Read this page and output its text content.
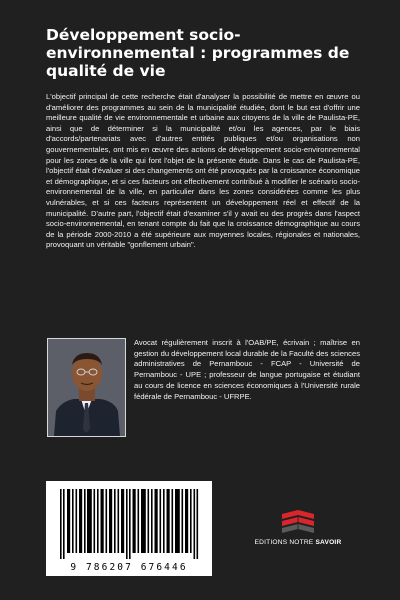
Développement socio-environnemental : programmes de qualité de vie
L'objectif principal de cette recherche était d'analyser la possibilité de mettre en œuvre ou d'améliorer des programmes au sein de la municipalité étudiée, dont le but est d'offrir une meilleure qualité de vie environnementale et urbaine aux citoyens de la ville de Paulista-PE, ainsi que de déterminer si la municipalité et/ou les agences, par le biais d'accords/partenariats avec d'autres entités publiques et/ou organisations non gouvernementales, ont mis en œuvre des actions de développement socio-environnemental pour les zones de la ville qui font l'objet de la présente étude. Dans le cas de Paulista-PE, l'objectif était d'évaluer si des changements ont été provoqués par la croissance économique et démographique, et si ces facteurs ont effectivement contribué à modifier le scénario socio-environnemental de la ville, en particulier dans les zones considérées comme les plus vulnérables, et si ces facteurs représentent un développement réel et effectif de la municipalité. D'autre part, l'objectif était d'examiner s'il y avait eu des progrès dans l'aspect socio-environnemental, en tenant compte du fait que la croissance démographique au cours de la période 2000-2010 a été supérieure aux moyennes locales, régionales et nationales, provoquant un véritable "gonflement urbain".
Avocat régulièrement inscrit à l'OAB/PE, écrivain ; maîtrise en gestion du développement local durable de la Faculté des sciences administratives de Pernambouc - FCAP - Université de Pernambouc - UPE ; professeur de langue portugaise et étudiant au cours de licence en sciences économiques à l'Université rurale fédérale de Pernambouc - UFRPE.
9 786207 676446
EDITIONS NOTRE SAVOIR
